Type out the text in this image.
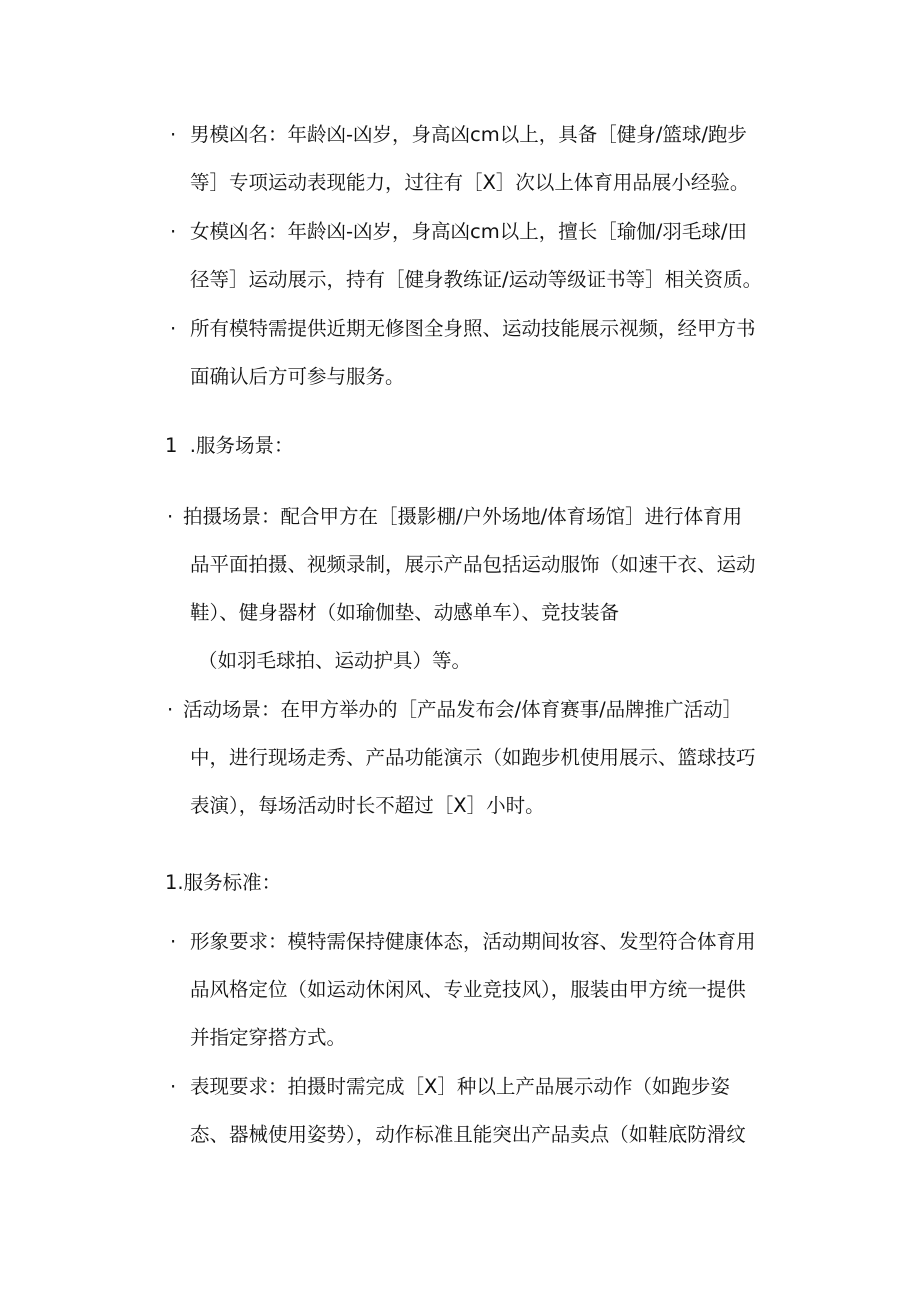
· 男模凶名：年龄凶-凶岁，身高凶cm以上，具备［健身/篮球/跑步
等］专项运动表现能力，过往有［X］次以上体育用品展小经验。
· 女模凶名：年龄凶-凶岁，身高凶cm以上，擅长［瑜伽/羽毛球/田
径等］运动展示，持有［健身教练证/运动等级证书等］相关资质。
· 所有模特需提供近期无修图全身照、运动技能展示视频，经甲方书
面确认后方可参与服务。
1  .服务场景：
· 拍摄场景：配合甲方在［摄影棚/户外场地/体育场馆］进行体育用
品平面拍摄、视频录制，展示产品包括运动服饰（如速干衣、运动
鞋）、健身器材（如瑜伽垫、动感单车）、竞技装备
（如羽毛球拍、运动护具）等。
· 活动场景：在甲方举办的［产品发布会/体育赛事/品牌推广活动］
中，进行现场走秀、产品功能演示（如跑步机使用展示、篮球技巧
表演），每场活动时长不超过［X］小时。
1.服务标准：
· 形象要求：模特需保持健康体态，活动期间妆容、发型符合体育用
品风格定位（如运动休闲风、专业竞技风），服装由甲方统一提供
并指定穿搭方式。
· 表现要求：拍摄时需完成［X］种以上产品展示动作（如跑步姿
态、器械使用姿势），动作标准且能突出产品卖点（如鞋底防滑纹
